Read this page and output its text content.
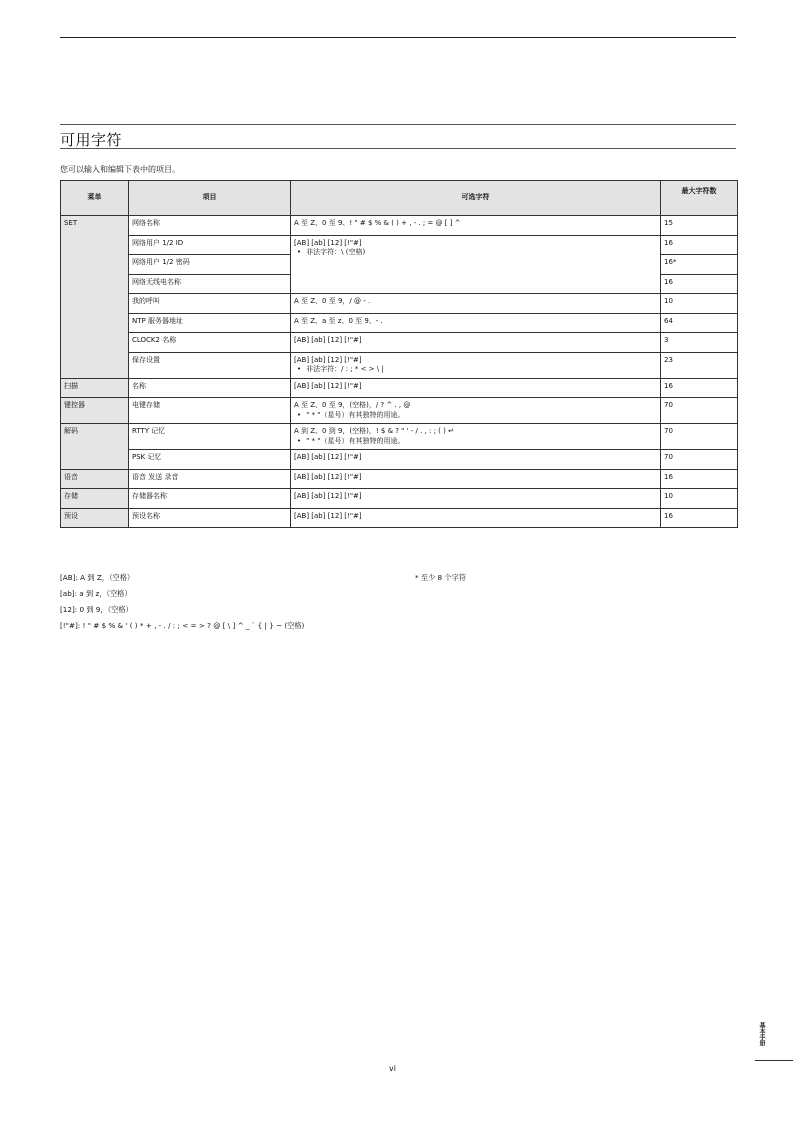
可用字符
您可以输入和编辑下表中的项目。
菜单	项目	可选字符	最大字符数
SET	网络名称	A 至 Z、0 至 9、! " # $ % & ( ) + , - . ; = @ [ ] ^	15
	网络用户 1/2 ID	[AB] [ab] [12] [!"#]
• 非法字符：\ (空格)	16
	网络用户 1/2 密码		16*
	网络无线电名称		16
	我的呼叫	A 至 Z、0 至 9，/ @ - .	10
	NTP 服务器地址	A 至 Z、a 至 z、0 至 9、- .	64
	CLOCK2 名称	[AB] [ab] [12] [!"#]	3
	保存设置	[AB] [ab] [12] [!"#]
• 非法字符：/ : ; * < > \ |	23
扫描	名称	[AB] [ab] [12] [!"#]	16
键控器	电键存储	A 至 Z、0 至 9，(空格)，/ ? ^ . , @
• " * "（星号）有其独特的用途。	70
解码	RTTY 记忆	A 到 Z、0 到 9，(空格)，! $ & ? " ' - / . , : ; ( ) ↵
• " * "（星号）有其独特的用途。	70
	PSK 记忆	[AB] [ab] [12] [!"#]	70
语音	语音 发送 录音	[AB] [ab] [12] [!"#]	16
存储	存储器名称	[AB] [ab] [12] [!"#]	10
预设	预设名称	[AB] [ab] [12] [!"#]	16
[AB]: A 到 Z，（空格）
[ab]: a 到 z，（空格）
[12]: 0 到 9，（空格）
[!"#]: ! " # $ % & ' ( ) * + , - . / : ; < = > ? @ [ \ ] ^ _ ` { | } ~ (空格)
* 至少 8 个字符
vi
基本手册
